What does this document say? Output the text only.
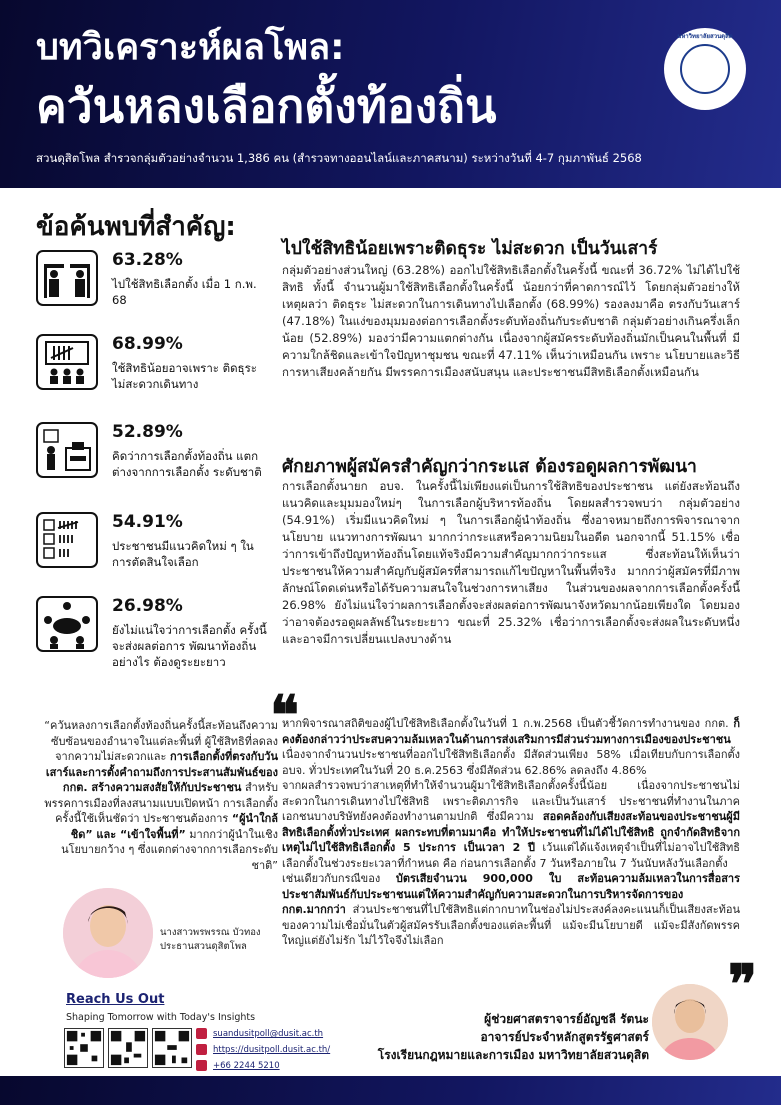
บทวิเคราะห์ผลโพล:
ควันหลงเลือกตั้งท้องถิ่น
สวนดุสิตโพล สำรวจกลุ่มตัวอย่างจำนวน 1,386 คน (สำรวจทางออนไลน์และภาคสนาม) ระหว่างวันที่ 4-7 กุมภาพันธ์ 2568
มหาวิทยาลัยสวนดุสิต
ข้อค้นพบที่สำคัญ:
63.28%
ไปใช้สิทธิเลือกตั้ง เมื่อ 1 ก.พ. 68
68.99%
ใช้สิทธิน้อยอาจเพราะ ติดธุระ ไม่สะดวกเดินทาง
52.89%
คิดว่าการเลือกตั้งท้องถิ่น แตกต่างจากการเลือกตั้ง ระดับชาติ
54.91%
ประชาชนมีแนวคิดใหม่ ๆ ในการตัดสินใจเลือก
26.98%
ยังไม่แน่ใจว่าการเลือกตั้ง ครั้งนี้จะส่งผลต่อการ พัฒนาท้องถิ่นอย่างไร ต้องดูระยะยาว
ไปใช้สิทธิน้อยเพราะติดธุระ ไม่สะดวก เป็นวันเสาร์
กลุ่มตัวอย่างส่วนใหญ่ (63.28%) ออกไปใช้สิทธิเลือกตั้งในครั้งนี้ ขณะที่ 36.72% ไม่ได้ไปใช้สิทธิ ทั้งนี้ จำนวนผู้มาใช้สิทธิเลือกตั้งในครั้งนี้ น้อยกว่าที่คาดการณ์ไว้ โดยกลุ่มตัวอย่างให้เหตุผลว่า ติดธุระ ไม่สะดวกในการเดินทางไปเลือกตั้ง (68.99%) รองลงมาคือ ตรงกับวันเสาร์ (47.18%) ในแง่ของมุมมองต่อการเลือกตั้งระดับท้องถิ่นกับระดับชาติ กลุ่มตัวอย่างเกินครึ่งเล็กน้อย (52.89%) มองว่ามีความแตกต่างกัน เนื่องจากผู้สมัครระดับท้องถิ่นมักเป็นคนในพื้นที่ มีความใกล้ชิดและเข้าใจปัญหาชุมชน ขณะที่ 47.11% เห็นว่าเหมือนกัน เพราะ นโยบายและวิธีการหาเสียงคล้ายกัน มีพรรคการเมืองสนับสนุน และประชาชนมีสิทธิเลือกตั้งเหมือนกัน
ศักยภาพผู้สมัครสำคัญกว่ากระแส ต้องรอดูผลการพัฒนา
การเลือกตั้งนายก อบจ. ในครั้งนี้ไม่เพียงแต่เป็นการใช้สิทธิของประชาชน แต่ยังสะท้อนถึง แนวคิดและมุมมองใหม่ๆ ในการเลือกผู้บริหารท้องถิ่น โดยผลสำรวจพบว่า กลุ่มตัวอย่าง (54.91%) เริ่มมีแนวคิดใหม่ ๆ ในการเลือกผู้นำท้องถิ่น ซึ่งอาจหมายถึงการพิจารณาจากนโยบาย แนวทางการพัฒนา มากกว่ากระแสหรือความนิยมในอดีต นอกจากนี้ 51.15% เชื่อว่าการเข้าถึงปัญหาท้องถิ่นโดยแท้จริงมีความสำคัญมากกว่ากระแส ซึ่งสะท้อนให้เห็นว่าประชาชนให้ความสำคัญกับผู้สมัครที่สามารถแก้ไขปัญหาในพื้นที่จริง มากกว่าผู้สมัครที่มีภาพลักษณ์โดดเด่นหรือได้รับความสนใจในช่วงการหาเสียง ในส่วนของผลจากการเลือกตั้งครั้งนี้ 26.98% ยังไม่แน่ใจว่าผลการเลือกตั้งจะส่งผลต่อการพัฒนาจังหวัดมากน้อยเพียงใด โดยมองว่าอาจต้องรอดูผลลัพธ์ในระยะยาว ขณะที่ 25.32% เชื่อว่าการเลือกตั้งจะส่งผลในระดับหนึ่ง และอาจมีการเปลี่ยนแปลงบางด้าน
“ควันหลงการเลือกตั้งท้องถิ่นครั้งนี้สะท้อนถึงความซับซ้อนของอำนาจในแต่ละพื้นที่ ผู้ใช้สิทธิที่ลดลงจากความไม่สะดวกและ การเลือกตั้งที่ตรงกับวันเสาร์และการตั้งคำถามถึงการประสานสัมพันธ์ของ กกต. สร้างความสงสัยให้กับประชาชน สำหรับพรรคการเมืองที่ลงสนามแบบเปิดหน้า การเลือกตั้งครั้งนี้ใช้เห็นชัดว่า ประชาชนต้องการ “ผู้นำใกล้ชิด” และ “เข้าใจพื้นที่” มากกว่าผู้นำในเชิงนโยบายกว้าง ๆ ซึ่งแตกต่างจากการเลือกระดับชาติ”
นางสาวพรพรรณ บัวทอง
ประธานสวนดุสิตโพล
❝
หากพิจารณาสถิติของผู้ไปใช้สิทธิเลือกตั้งในวันที่ 1 ก.พ.2568 เป็นตัวชี้วัดการทำงานของ กกต. ก็คงต้องกล่าวว่าประสบความล้มเหลวในด้านการส่งเสริมการมีส่วนร่วมทางการเมืองของประชาชน เนื่องจากจำนวนประชาชนที่ออกไปใช้สิทธิเลือกตั้ง มีสัดส่วนเพียง 58% เมื่อเทียบกับการเลือกตั้ง อบจ. ทั่วประเทศในวันที่ 20 ธ.ค.2563 ซึ่งมีสัดส่วน 62.86% ลดลงถึง 4.86%
จากผลสำรวจพบว่าสาเหตุที่ทำให้จำนวนผู้มาใช้สิทธิเลือกตั้งครั้งนี้น้อย เนื่องจากประชาชนไม่สะดวกในการเดินทางไปใช้สิทธิ เพราะติดภารกิจ และเป็นวันเสาร์ ประชาชนที่ทำงานในภาคเอกชนบางบริษัทยังคงต้องทำงานตามปกติ ซึ่งมีความ สอดคล้องกับเสียงสะท้อนของประชาชนผู้มีสิทธิเลือกตั้งทั่วประเทศ ผลกระทบที่ตามมาคือ ทำให้ประชาชนที่ไม่ได้ไปใช้สิทธิ ถูกจำกัดสิทธิจากเหตุไม่ไปใช้สิทธิเลือกตั้ง 5 ประการ เป็นเวลา 2 ปี เว้นแต่ได้แจ้งเหตุจำเป็นที่ไม่อาจไปใช้สิทธิเลือกตั้งในช่วงระยะเวลาที่กำหนด คือ ก่อนการเลือกตั้ง 7 วันหรือภายใน 7 วันนับหลังวันเลือกตั้ง
เช่นเดียวกับกรณีของ บัตรเสียจำนวน 900,000 ใบ สะท้อนความล้มเหลวในการสื่อสาร ประชาสัมพันธ์กับประชาชนแต่ให้ความสำคัญกับความสะดวกในการบริหารจัดการของ กกต.มากกว่า ส่วนประชาชนที่ไปใช้สิทธิแต่กากบาทในช่องไม่ประสงค์ลงคะแนนก็เป็นเสียงสะท้อนของความไม่เชื่อมั่นในตัวผู้สมัครรับเลือกตั้งของแต่ละพื้นที่ แม้จะมีนโยบายดี แม้จะมีสังกัดพรรคใหญ่แต่ยังไม่รัก ไม่ไว้ใจจึงไม่เลือก
❞
Reach Us Out
Shaping Tomorrow with Today's Insights
suandusitpoll@dusit.ac.th
https://dusitpoll.dusit.ac.th/
+66 2244 5210
ผู้ช่วยศาสตราจารย์อัญชลี รัตนะ
อาจารย์ประจำหลักสูตรรัฐศาสตร์
โรงเรียนกฎหมายและการเมือง มหาวิทยาลัยสวนดุสิต
